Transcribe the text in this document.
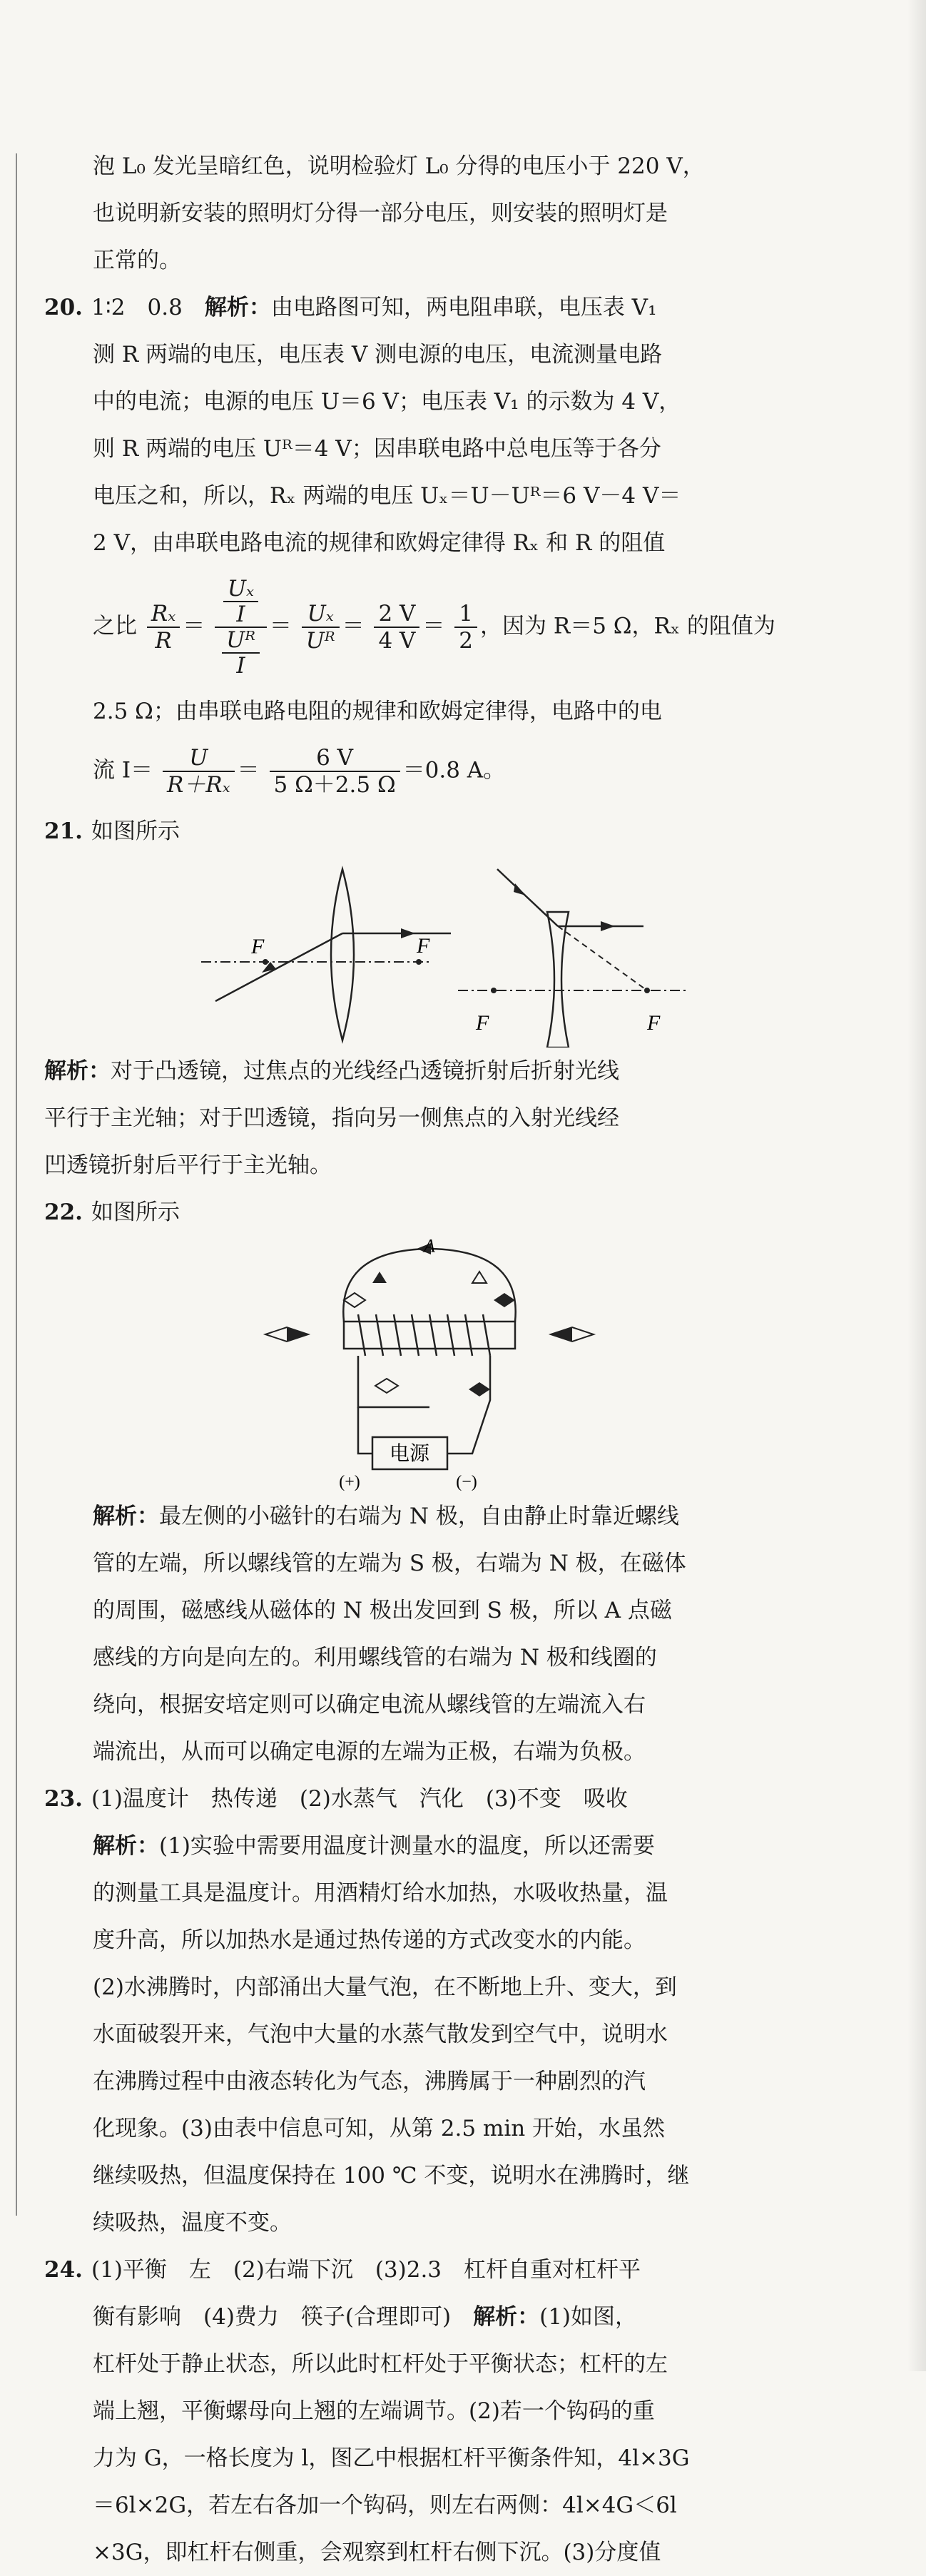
泡 L₀ 发光呈暗红色，说明检验灯 L₀ 分得的电压小于 220 V，
也说明新安装的照明灯分得一部分电压，则安装的照明灯是
正常的。
20. 1∶2　0.8　 解析：由电路图可知，两电阻串联，电压表 V₁
测 R 两端的电压，电压表 V 测电源的电压，电流测量电路
中的电流；电源的电压 U＝6 V；电压表 V₁ 的示数为 4 V，
则 R 两端的电压 Uᴿ＝4 V；因串联电路中总电压等于各分
电压之和，所以，Rₓ 两端的电压 Uₓ＝U－Uᴿ＝6 V－4 V＝
2 V，由串联电路电流的规律和欧姆定律得 Rₓ 和 R 的阻值
之比 $\frac{\text{Rₓ}}{R} = \frac{\frac{\text{Uₓ}}{I}}{\frac{\text{Uᴿ}}{I}} = \frac{\text{Uₓ}}{\text{Uᴿ}} = \frac{2 V}{4 V} = \frac{1}{2}$ ，因为 R＝5 Ω，Rₓ 的阻值为
2.5 Ω；由串联电路电阻的规律和欧姆定律得，电路中的电
流 $I= \frac{U}{\text{R＋Rₓ}} = \frac{6 V}{5 \Omega+2.5 \Omega} =0.8$ A。
21. 如图所示
F	F
F	F
解析：对于凸透镜，过焦点的光线经凸透镜折射后折射光线
平行于主光轴；对于凹透镜，指向另一侧焦点的入射光线经
凹透镜折射后平行于主光轴。
22. 如图所示
A
电源
(+)	(−)
解析：最左侧的小磁针的右端为 N 极，自由静止时靠近螺线
管的左端，所以螺线管的左端为 S 极，右端为 N 极，在磁体
的周围，磁感线从磁体的 N 极出发回到 S 极，所以 A 点磁
感线的方向是向左的。利用螺线管的右端为 N 极和线圈的
绕向，根据安培定则可以确定电流从螺线管的左端流入右
端流出，从而可以确定电源的左端为正极，右端为负极。
23. (1)温度计　热传递　(2)水蒸气　汽化　(3)不变　吸收
解析：(1)实验中需要用温度计测量水的温度，所以还需要
的测量工具是温度计。用酒精灯给水加热，水吸收热量，温
度升高，所以加热水是通过热传递的方式改变水的内能。
(2)水沸腾时，内部涌出大量气泡，在不断地上升、变大，到
水面破裂开来，气泡中大量的水蒸气散发到空气中，说明水
在沸腾过程中由液态转化为气态，沸腾属于一种剧烈的汽
化现象。(3)由表中信息可知，从第 2.5 min 开始，水虽然
继续吸热，但温度保持在 100 ℃ 不变，说明水在沸腾时，继
续吸热，温度不变。
24. (1)平衡　左　(2)右端下沉　(3)2.3　杠杆自重对杠杆平
衡有影响　(4)费力　筷子(合理即可)　解析：(1)如图，
杠杆处于静止状态，所以此时杠杆处于平衡状态；杠杆的左
端上翘，平衡螺母向上翘的左端调节。(2)若一个钩码的重
力为 G，一格长度为 l，图乙中根据杠杆平衡条件知，4l×3G
＝6l×2G，若左右各加一个钩码，则左右两侧：4l×4G＜6l
×3G，即杠杆右侧重，会观察到杠杆右侧下沉。(3)分度值
